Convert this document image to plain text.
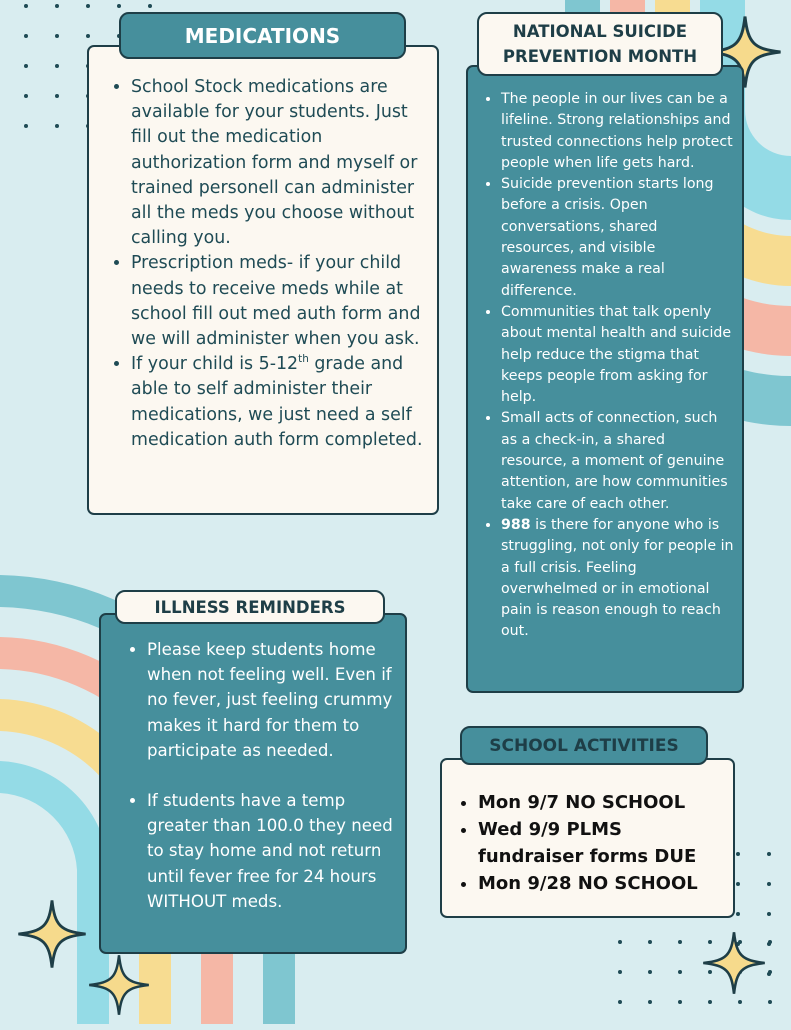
• School Stock medications are available for your students. Just fill out the medication authorization form and myself or trained personell can administer all the meds you choose without calling you.
• Prescription meds- if your child needs to receive meds while at school fill out med auth form and we will administer when you ask.
• If your child is 5-12th grade and able to self administer their medications, we just need a self medication auth form completed.
MEDICATIONS
• The people in our lives can be a lifeline. Strong relationships and trusted connections help protect people when life gets hard.
• Suicide prevention starts long before a crisis. Open conversations, shared resources, and visible awareness make a real difference.
• Communities that talk openly about mental health and suicide help reduce the stigma that keeps people from asking for help.
• Small acts of connection, such as a check-in, a shared resource, a moment of genuine attention, are how communities take care of each other.
• 988 is there for anyone who is struggling, not only for people in a full crisis. Feeling overwhelmed or in emotional pain is reason enough to reach out.
NATIONAL SUICIDE
PREVENTION MONTH
• Please keep students home when not feeling well. Even if no fever, just feeling crummy makes it hard for them to participate as needed.
• If students have a temp greater than 100.0 they need to stay home and not return until fever free for 24 hours WITHOUT meds.
ILLNESS REMINDERS
• Mon 9/7 NO SCHOOL
• Wed 9/9 PLMS fundraiser forms DUE
• Mon 9/28 NO SCHOOL
SCHOOL ACTIVITIES
